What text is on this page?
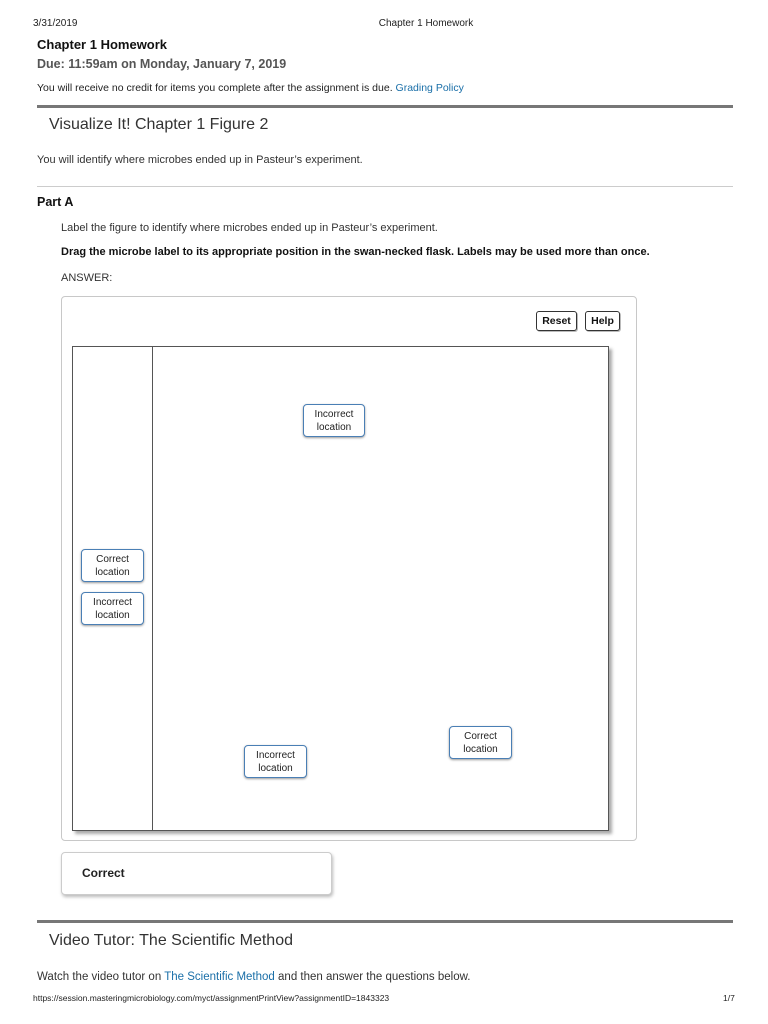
3/31/2019	Chapter 1 Homework
Chapter 1 Homework
Due: 11:59am on Monday, January 7, 2019
You will receive no credit for items you complete after the assignment is due. Grading Policy
Visualize It! Chapter 1 Figure 2
You will identify where microbes ended up in Pasteur’s experiment.
Part A
Label the figure to identify where microbes ended up in Pasteur’s experiment.
Drag the microbe label to its appropriate position in the swan-necked flask. Labels may be used more than once.
ANSWER:
Reset	Help
Correct
location
Incorrect
location
Incorrect
location
Correct
location
Incorrect
location
Correct
Video Tutor: The Scientific Method
Watch the video tutor on The Scientific Method and then answer the questions below.
https://session.masteringmicrobiology.com/myct/assignmentPrintView?assignmentID=1843323	1/7
